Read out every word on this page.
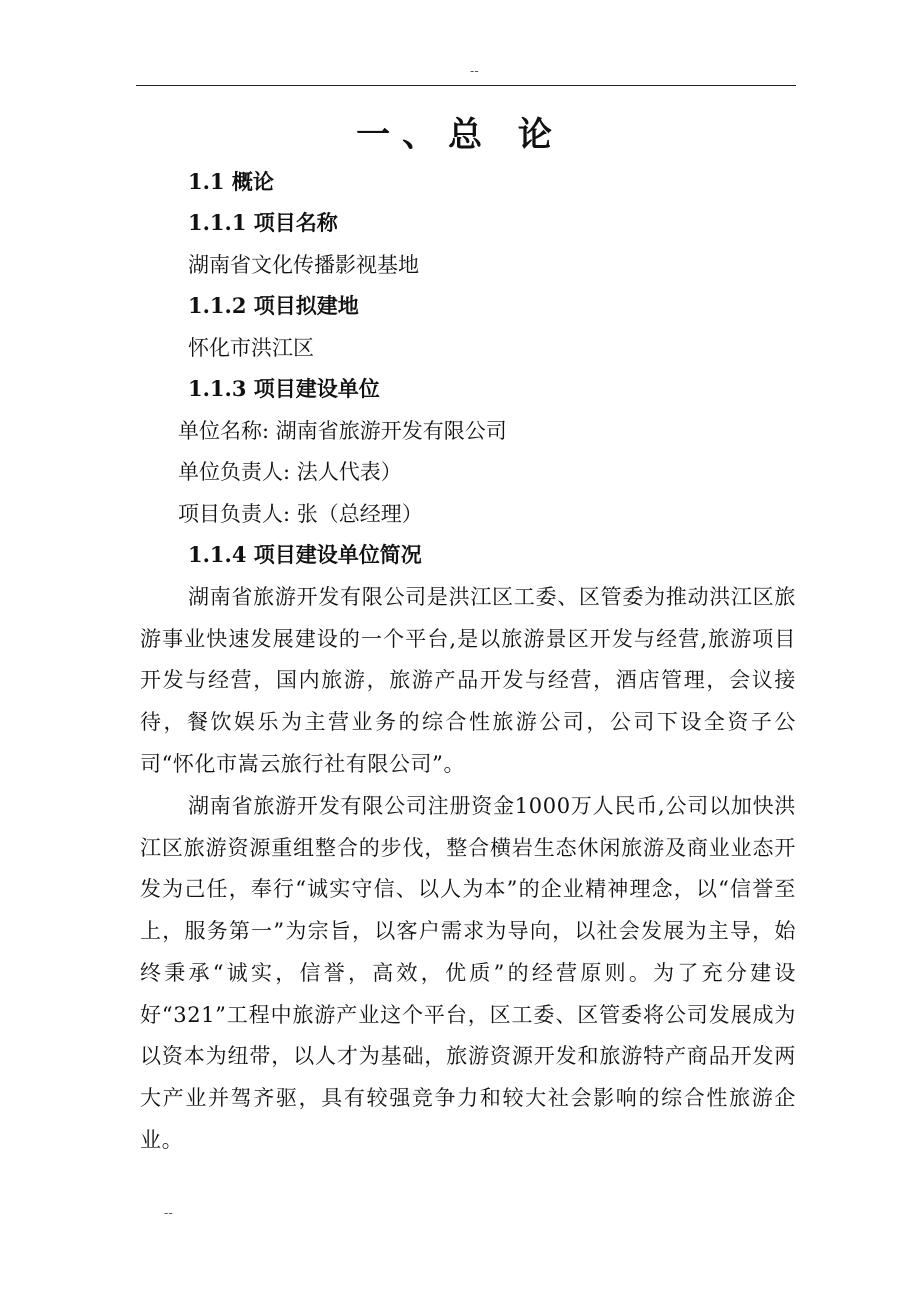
--
一、总 论
1.1 概论
1.1.1 项目名称
湖南省文化传播影视基地
1.1.2 项目拟建地
怀化市洪江区
1.1.3 项目建设单位
单位名称: 湖南省旅游开发有限公司
单位负责人: 法人代表）
项目负责人: 张（总经理）
1.1.4 项目建设单位简况
湖南省旅游开发有限公司是洪江区工委、区管委为推动洪江区旅游事业快速发展建设的一个平台,是以旅游景区开发与经营,旅游项目开发与经营，国内旅游，旅游产品开发与经营，酒店管理，会议接待，餐饮娱乐为主营业务的综合性旅游公司，公司下设全资子公司“怀化市嵩云旅行社有限公司”。
湖南省旅游开发有限公司注册资金1000万人民币,公司以加快洪江区旅游资源重组整合的步伐，整合横岩生态休闲旅游及商业业态开发为己任，奉行“诚实守信、以人为本”的企业精神理念，以“信誉至上，服务第一”为宗旨，以客户需求为导向，以社会发展为主导，始终秉承“诚实，信誉，高效，优质”的经营原则。为了充分建设好“321”工程中旅游产业这个平台，区工委、区管委将公司发展成为以资本为纽带，以人才为基础，旅游资源开发和旅游特产商品开发两大产业并驾齐驱，具有较强竞争力和较大社会影响的综合性旅游企业。
--
